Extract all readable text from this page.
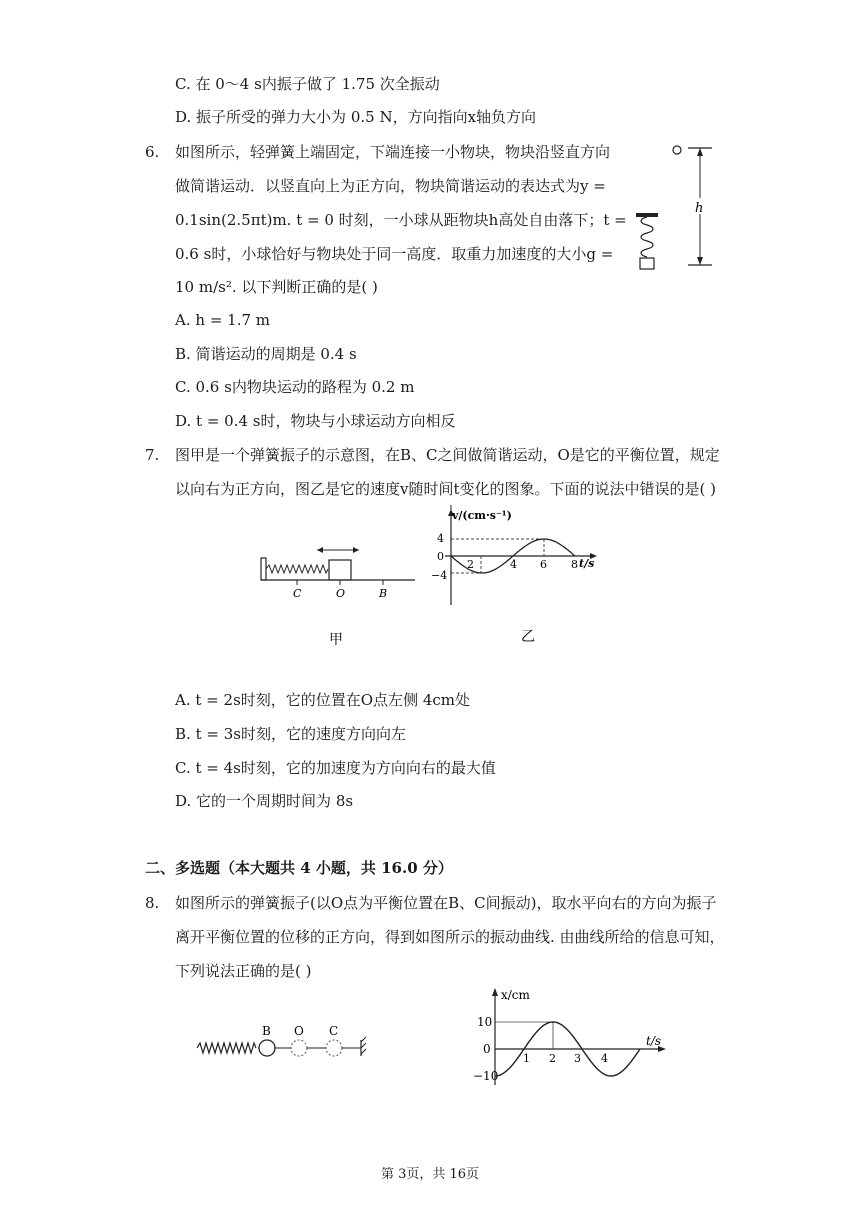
C. 在 0～4 s内振子做了 1.75 次全振动
D. 振子所受的弹力大小为 0.5 N，方向指向x轴负方向
6. 如图所示，轻弹簧上端固定，下端连接一小物块，物块沿竖直方向
做简谐运动．以竖直向上为正方向，物块简谐运动的表达式为y =
0.1sin(2.5πt)m. t = 0 时刻，一小球从距物块h高处自由落下；t =
0.6 s时，小球恰好与物块处于同一高度．取重力加速度的大小g =
10 m/s². 以下判断正确的是( )
h
A. h = 1.7 m
B. 简谐运动的周期是 0.4 s
C. 0.6 s内物块运动的路程为 0.2 m
D. t = 0.4 s时，物块与小球运动方向相反
7. 图甲是一个弹簧振子的示意图，在B、C之间做简谐运动，O是它的平衡位置，规定
以向右为正方向，图乙是它的速度v随时间t变化的图象。下面的说法中错误的是( )
C	O	B
甲
v/(cm·s⁻¹)
t/s
4
0
−4
2	4 6 8
乙
A. t = 2s时刻，它的位置在O点左侧 4cm处
B. t = 3s时刻，它的速度方向向左
C. t = 4s时刻，它的加速度为方向向右的最大值
D. 它的一个周期时间为 8s
二、多选题（本大题共 4 小题，共 16.0 分）
8. 如图所示的弹簧振子(以O点为平衡位置在B、C间振动)，取水平向右的方向为振子
离开平衡位置的位移的正方向，得到如图所示的振动曲线. 由曲线所给的信息可知，
下列说法正确的是( )
B O C
x/cm
t/s
10
0
−10
1 2 3 4
第 3页，共 16页
